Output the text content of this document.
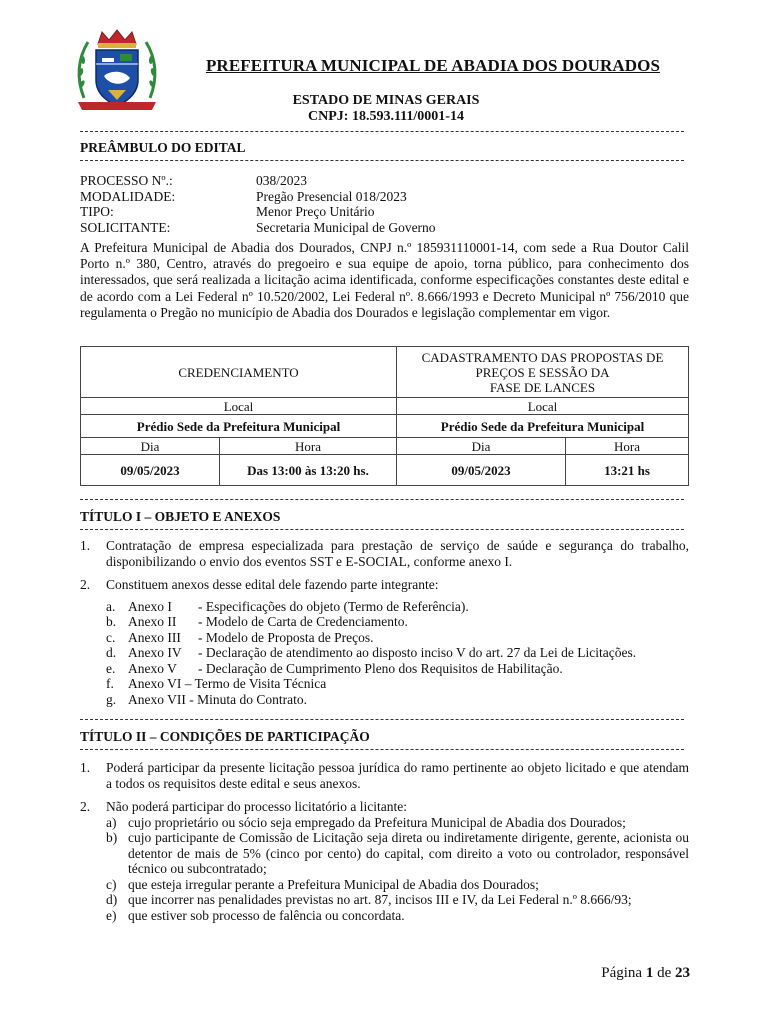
PREFEITURA MUNICIPAL DE ABADIA DOS DOURADOS
ESTADO DE MINAS GERAIS
CNPJ: 18.593.111/0001-14
PREÂMBULO DO EDITAL
PROCESSO Nº.:	038/2023
MODALIDADE:	Pregão Presencial 018/2023
TIPO:	Menor Preço Unitário
SOLICITANTE:	Secretaria Municipal de Governo
A Prefeitura Municipal de Abadia dos Dourados, CNPJ n.º 185931110001-14, com sede a Rua Doutor Calil Porto n.º 380, Centro, através do pregoeiro e sua equipe de apoio, torna público, para conhecimento dos interessados, que será realizada a licitação acima identificada, conforme especificações constantes deste edital e de acordo com a Lei Federal nº 10.520/2002, Lei Federal nº. 8.666/1993 e Decreto Municipal nº 756/2010 que regulamenta o Pregão no município de Abadia dos Dourados e legislação complementar em vigor.
CREDENCIAMENTO		CADASTRAMENTO DAS PROPOSTAS DE
PREÇOS E SESSÃO DA
FASE DE LANCES	

Local		Local	
Prédio Sede da Prefeitura Municipal		Prédio Sede da Prefeitura Municipal	
Dia	Hora	Dia	Hora
09/05/2023	Das 13:00 às 13:20 hs.	09/05/2023	13:21 hs
TÍTULO I – OBJETO E ANEXOS
1.	Contratação de empresa especializada para prestação de serviço de saúde e segurança do trabalho, disponibilizando o envio dos eventos SST e E-SOCIAL, conforme anexo I.
2.	Constituem anexos desse edital dele fazendo parte integrante:
a. Anexo I	- Especificações do objeto (Termo de Referência).
b. Anexo II	- Modelo de Carta de Credenciamento.
c. Anexo III	- Modelo de Proposta de Preços.
d. Anexo IV	- Declaração de atendimento ao disposto inciso V do art. 27 da Lei de Licitações.
e. Anexo V	- Declaração de Cumprimento Pleno dos Requisitos de Habilitação.
f.	Anexo VI – Termo de Visita Técnica
g. Anexo VII - Minuta do Contrato.
TÍTULO II – CONDIÇÕES DE PARTICIPAÇÃO
1.	Poderá participar da presente licitação pessoa jurídica do ramo pertinente ao objeto licitado e que atendam a todos os requisitos deste edital e seus anexos.
2.	Não poderá participar do processo licitatório a licitante:
a) cujo proprietário ou sócio seja empregado da Prefeitura Municipal de Abadia dos Dourados;
b) cujo participante de Comissão de Licitação seja direta ou indiretamente dirigente, gerente, acionista ou detentor de mais de 5% (cinco por cento) do capital, com direito a voto ou controlador, responsável técnico ou subcontratado;
c) que esteja irregular perante a Prefeitura Municipal de Abadia dos Dourados;
d) que incorrer nas penalidades previstas no art. 87, incisos III e IV, da Lei Federal n.º 8.666/93;
e) que estiver sob processo de falência ou concordata.
Página 1 de 23
